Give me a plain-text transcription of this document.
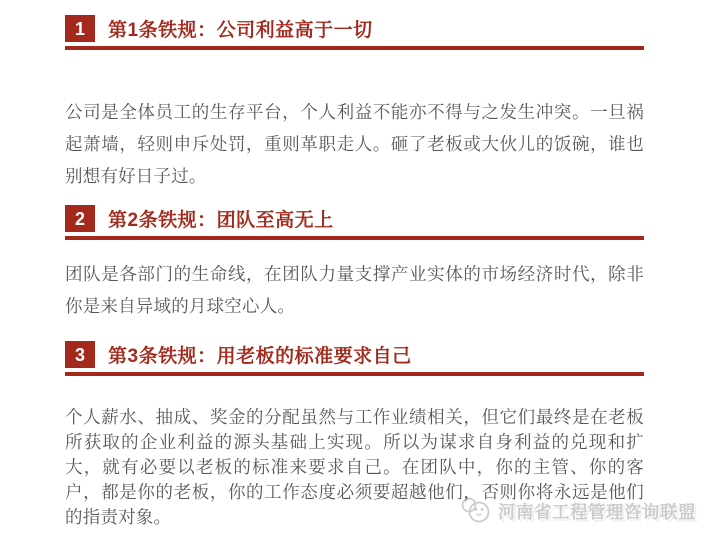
河南省工程管理咨询联盟
1	第1条铁规：公司利益高于一切

公司是全体员工的生存平台，个人利益不能亦不得与之发生冲突。一旦祸起萧墙，轻则申斥处罚，重则革职走人。砸了老板或大伙儿的饭碗，谁也别想有好日子过。

2	第2条铁规：团队至高无上

团队是各部门的生命线，在团队力量支撑产业实体的市场经济时代，除非你是来自异域的月球空心人。

3	第3条铁规：用老板的标准要求自己

个人薪水、抽成、奖金的分配虽然与工作业绩相关，但它们最终是在老板所获取的企业利益的源头基础上实现。所以为谋求自身利益的兑现和扩大，就有必要以老板的标准来要求自己。在团队中，你的主管、你的客户，都是你的老板，你的工作态度必须要超越他们，否则你将永远是他们的指责对象。
